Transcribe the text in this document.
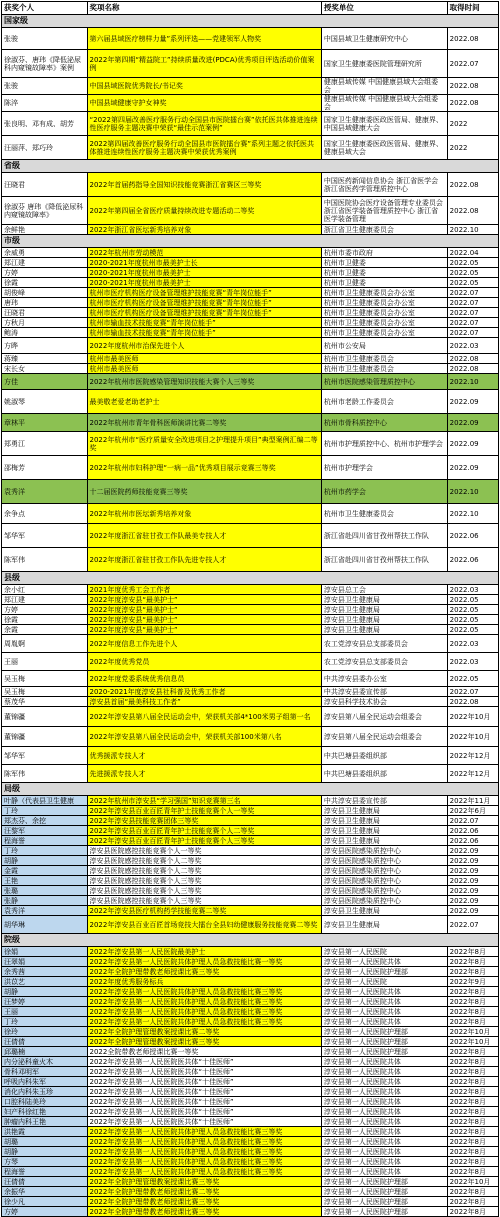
获奖个人	奖项名称	授奖单位	取得时间
国家级			
张骏	第六届县域医疗榜样力量”系列评选——党建领军人物奖	中国县域卫生健康研究中心	2022.08
徐淑芬、唐玮《降低泌尿科内窥镜故障率》案例	2022年第四期“精益院工”持续质量改进(PDCA)优秀项目评选活动价值案例	国家卫生健康委医院管理研究所	2022.07
张骏	中国县域医院优秀院长/书记奖	健康县域传媒 中国健康县域大会组委会	2022.08
陈淬	中国县域健康守护女神奖	健康县域传媒 中国健康县域大会组委会	2022.08
张良明、邓有成、胡芳	“2022第四届改善医疗服务行动全国县市医院擂台赛”依托医共体推进连续性医疗服务主题决赛中荣获“最佳示范案例”	国家卫生健康委医政医管局、健康界、中国县域健康大会	2022
汪丽萍、郑巧玲	2022第四届改善医疗服务行动全国县市医院擂台赛”系列主题之依托医共体推进连续性医疗服务主题决赛中荣获优秀案例	国家卫生健康委医政医管局、健康界、健康县域大会	2022
省级			
汪晓君	2022年首届药指导全国知识技能竞赛浙江省赛区三等奖	中国医药新闻信息协会 浙江省医学会 浙江省医药学管理质控中心	2022.08
徐淑芬 唐玮《降低泌尿科内窥镜故障率》	2022年第四届全省医疗质量持续改进专题活动二等奖	中国医院协会医疗设备管理专业委员会 浙江省医学装备管理质控中心 浙江省医学装备管理	2022.08
余鲜艳	2022年浙江省医坛新秀培养对象	浙江省卫生健康委员会	2022.10
市级			
余威勇	2022年杭州市劳动模范	杭州市委市政府	2022.04
郑江建	2020-2021年度杭州市最美护士长	杭州市卫健委	2022.05
方婷	2020-2021年度杭州市最美护士	杭州市卫健委	2022.05
徐霞	2020-2021年度杭州市最美护士	杭州市卫健委	2022.05
胡俊峰	杭州市医疗机构医疗设备管理维护技能竞赛“青年岗位能手”	杭州市卫生健康委员会办公室	2022.07
唐玮	杭州市医疗机构医疗设备管理维护技能竞赛“青年岗位能手”	杭州市卫生健康委员会办公室	2022.07
汪晓君	杭州市医疗机构医疗设备管理维护技能竞赛“青年岗位能手”	杭州市卫生健康委员会办公室	2022.07
方秋月	杭州市输血技术技能竞赛“青年岗位能手”	杭州市卫生健康委员会办公室	2022.07
鲍涛	杭州市输血技术技能竞赛“青年岗位能手”	杭州市卫生健康委员会办公室	2022.07
方晔	2022年度杭州市治保先进个人	杭州市公安局	2022.03
蒋臻	杭州市最美医师	杭州市卫生健康委员会	2022.08
宋长女	杭州市最美医师	杭州市卫生健康委员会	2022.08
方佳	2022年杭州市医院感染管理知识技能大赛个人三等奖	杭州市医院感染管理质控中心	2022.10
姚淑琴	最美敬老爱老助老护士	杭州市老龄工作委员会	2022.09
章林平	2022年杭州市青年骨科医师演讲比赛二等奖	杭州市骨科质控中心	2022.09
郑勇江	2022年杭州市“医疗质量安全改进项目之护理提升项目”典型案例汇编二等奖	杭州市护理质控中心、杭州市护理学会	2022.09
邵梅芳	2022年杭州市妇科护理“一病一品”优秀项目展示竞赛三等奖	杭州市护理学会	2022.09
袁秀洋	十二届医院药师技能竞赛三等奖	杭州市药学会	2022.10
余争点	2022年杭州市医坛新秀培养对象	杭州市卫生健康委员会	2022.10
邹华军	2022年度浙江省驻甘孜工作队最美专技人才	浙江省赴四川省甘孜州帮扶工作队	2022.06
陈军伟	2022年度浙江省驻甘孜工作队先进专技人才	浙江省赴四川省甘孜州帮扶工作队	2022.06
县级			
余小红	2021年度优秀工会工作者	淳安县总工会	2022.03
郑江建	2022年度淳安县“最美护士”	淳安县卫生健康局	2022.05
方婷	2022年度淳安县“最美护士”	淳安县卫生健康局	2022.05
徐霞	2022年度淳安县“最美护士”	淳安县卫生健康局	2022.05
余霞	2022年度淳安县“最美护士”	淳安县卫生健康局	2022.05
周胤婀	2022年度信息工作先进个人	农工党淳安县总支部委员会	2022.03
王丽	2022年度优秀党员	农工党淳安县总支部委员会	2022.03
吴玉梅	2022年度党委系统优秀信息员	中共淳安县委办公室	2022.05
吴玉梅	2020-2021年度淳安县社科普及优秀工作者	中共淳安县委宣传部	2022.07
蔡茂华	淳安县首届“最美科技工作者”	淳安县科学技术协会	2022.08
董锦疆	2022年淳安县第八届全民运动会中，荣获机关部4*100米男子组第一名	淳安县第八届全民运动会组委会	2022年10月
董锦疆	2022年淳安县第八届全民运动会中，荣获机关部100米第八名	淳安县第八届全民运动会组委会	2022年10月
邹华军	优秀援派专技人才	中共巴塘县委组织部	2022年12月
陈军伟	先进援派专技人才	中共巴塘县委组织部	2022年12月
局级			
叶静（代表县卫生健康	2022年杭州市淳安县“学习强国”知识竞赛第三名	中共淳安县委宣传部	2022年11月
丁玲	2022年淳安县百业百匠青年护士技能竞赛个人一等奖	淳安县卫生健康局	2022年6月
郑杰芬、余挖	2022年淳安县技能竞赛团体三等奖	淳安县卫生健康局	2022.07
汪黎军	2022年淳安县百业百匠青年护士技能竞赛个人二等奖	淳安县卫生健康局	2022.06
程海誉	2022年淳安县百业百匠青年护士技能竞赛个人三等奖	淳安县卫生健康局	2022.06
丁玲	淳安县医院感控技能竞赛个人一等奖	淳安县医院感染质控中心	2022.09
胡静	淳安县医院感控技能竞赛个人二等奖	淳安县医院感染质控中心	2022.09
金霞	淳安县医院感控技能竞赛个人二等奖	淳安县医院感染质控中心	2022.09
王艳	淳安县医院感控技能竞赛个人三等奖	淳安县医院感染质控中心	2022.09
张璐	淳安县医院感控技能竞赛个人三等奖	淳安县医院感染质控中心	2022.09
张静	淳安县医院感控技能竞赛个人三等奖	淳安县医院感染质控中心	2022.09
袁秀洋	2022年淳安县医疗机构药学技能竞赛二等奖	淳安县卫生健康局	2022.09
胡华琳	2022年淳安县百业百匠首场竞技大擂台全县妇幼健康服务技能竞赛二等奖	淳安县卫生健康局	2022.07
院级			
徐娟	2022年淳安县第一人民医院最美护士	淳安县第一人民医院	2022年8月
汪翠娟	2022年淳安县第一人民医院共体护理人员急救技能比赛一等奖	淳安县第一人民医院共体	2022年8月
余秀茜	2022年全院护理带教老师授课比赛三等奖	淳安县第一人民医院护理部	2022年8月
洪苡艺	2022年度优秀服务标兵	淳安县第一人民医院	2022年9月
胡静	2022年淳安县第一人民医院共体护理人员急救技能比赛三等奖	淳安县第一人民医院共体	2022年8月
汪梦婷	2022年淳安县第一人民医院共体护理人员急救技能比赛三等奖	淳安县第一人民医院共体	2022年8月
王丽	2022年淳安县第一人民医院共体护理人员急救技能比赛三等奖	淳安县第一人民医院共体	2022年8月
丁玲	2022年淳安县第一人民医院共体护理人员急救技能比赛三等奖	淳安县第一人民医院共体	2022年8月
徐玲	2022年全院护理管理教案授课比赛二等奖	淳安县第一人民医院护理部	2022年10月
汪倩倩	2022年全院护理管理教案授课比赛三等奖	淳安县第一人民医院护理部	2022年10月
邱璐楠	2022全院带教老师授课比赛一等奖	淳安县第一人民医院护理部	2022年8月
内分泌科童火木	2022年淳安县第一人民医院医共体“十佳医师”	淳安县第一人民医院共体	2022年8月
骨科邓明军	2022年淳安县第一人民医院医共体“十佳医师”	淳安县第一人民医院共体	2022年8月
呼吸内科朱军	2022年淳安县第一人民医院医共体“十佳医师”	淳安县第一人民医院共体	2022年8月
消化内科朱玉珍	2022年淳安县第一人民医院医共体“十佳医师”	淳安县第一人民医院共体	2022年8月
口腔科陆美玲	2022年淳安县第一人民医院医共体“十佳医师”	淳安县第一人民医院共体	2022年8月
妇产科徐红艳	2022年淳安县第一人民医院医共体“十佳医师”	淳安县第一人民医院共体	2022年8月
肿瘤内科王艳	2022年淳安县第一人民医院医共体“十佳医师”	淳安县第一人民医院共体	2022年8月
洪艳霞	2022年淳安县第一人民医院共体护理人员急救技能比赛三等奖	淳安县第一人民医院共体	2022年8月
胡璐	2022年淳安县第一人民医院共体护理人员急救技能比赛三等奖	淳安县第一人民医院共体	2022年8月
胡静	2022年淳安县第一人民医院共体护理人员急救技能比赛三等奖	淳安县第一人民医院共体	2022年8月
方琴	2022年淳安县第一人民医院共体护理人员急救技能比赛三等奖	淳安县第一人民医院共体	2022年8月
程海誉	2022年淳安县第一人民医院共体护理人员急救技能比赛三等奖	淳安县第一人民医院共体	2022年8月
汪倩倩	2022年全院护理管理教案授课比赛三等奖	淳安县第一人民医院护理部	2022年10月
余振华	2022年全院护理带教老师授课比赛二等奖	淳安县第一人民医院护理部	2022年8月
徐少凡	2022年全院护理带教老师授课比赛三等奖	淳安县第一人民医院护理部	2022年8月
方婷	2022年全院护理带教老师授课比赛三等奖	淳安县第一人民医院护理部	2022年8月
